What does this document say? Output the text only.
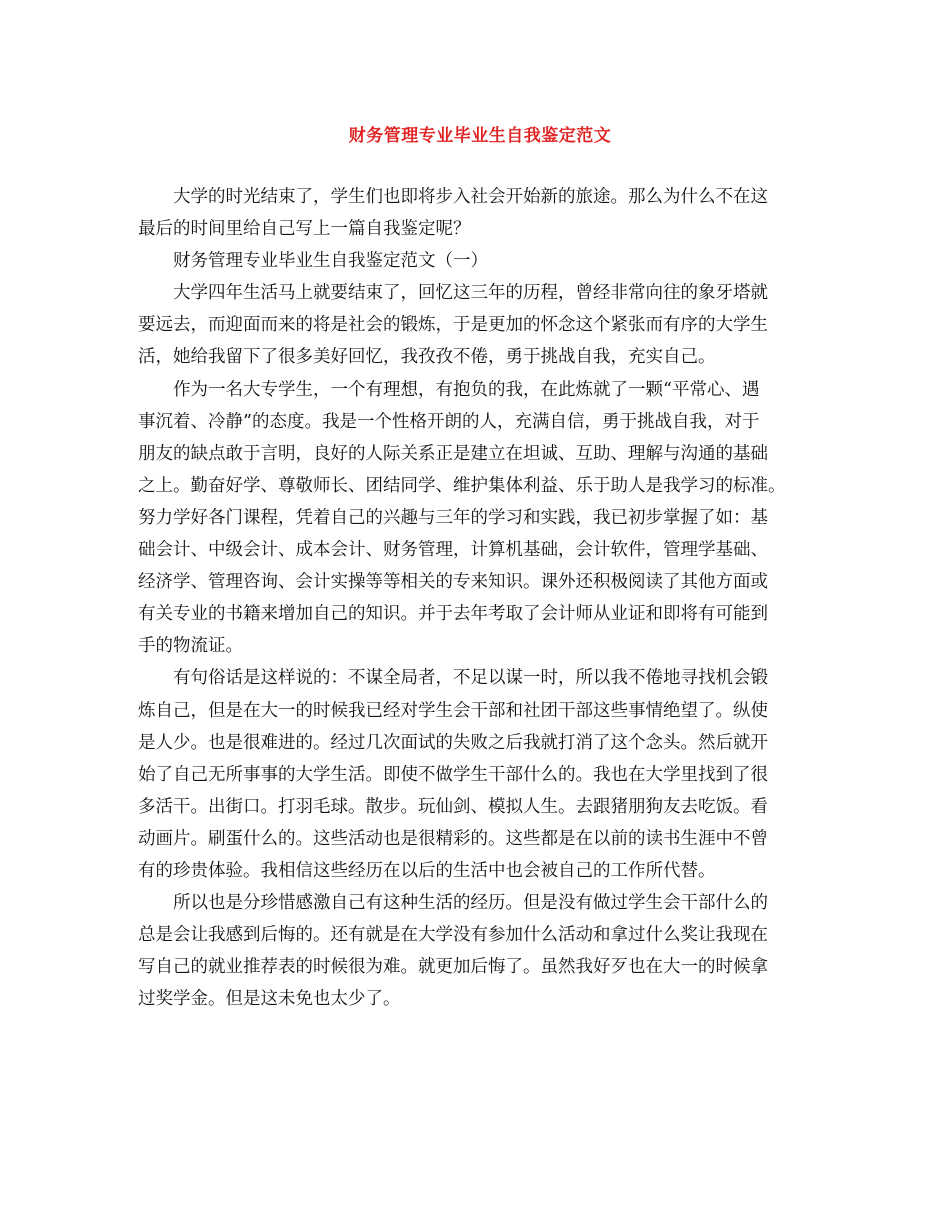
财务管理专业毕业生自我鉴定范文
大学的时光结束了，学生们也即将步入社会开始新的旅途。那么为什么不在这
最后的时间里给自己写上一篇自我鉴定呢？
财务管理专业毕业生自我鉴定范文（一）
大学四年生活马上就要结束了，回忆这三年的历程，曾经非常向往的象牙塔就
要远去，而迎面而来的将是社会的锻炼，于是更加的怀念这个紧张而有序的大学生
活，她给我留下了很多美好回忆，我孜孜不倦，勇于挑战自我，充实自己。
作为一名大专学生，一个有理想，有抱负的我，在此炼就了一颗“平常心、遇
事沉着、冷静”的态度。我是一个性格开朗的人，充满自信，勇于挑战自我，对于
朋友的缺点敢于言明，良好的人际关系正是建立在坦诚、互助、理解与沟通的基础
之上。勤奋好学、尊敬师长、团结同学、维护集体利益、乐于助人是我学习的标准。
努力学好各门课程，凭着自己的兴趣与三年的学习和实践，我已初步掌握了如：基
础会计、中级会计、成本会计、财务管理，计算机基础，会计软件，管理学基础、
经济学、管理咨询、会计实操等等相关的专来知识。课外还积极阅读了其他方面或
有关专业的书籍来增加自己的知识。并于去年考取了会计师从业证和即将有可能到
手的物流证。
有句俗话是这样说的：不谋全局者，不足以谋一时，所以我不倦地寻找机会锻
炼自己，但是在大一的时候我已经对学生会干部和社团干部这些事情绝望了。纵使
是人少。也是很难进的。经过几次面试的失败之后我就打消了这个念头。然后就开
始了自己无所事事的大学生活。即使不做学生干部什么的。我也在大学里找到了很
多活干。出街口。打羽毛球。散步。玩仙剑、模拟人生。去跟猪朋狗友去吃饭。看
动画片。刷蛋什么的。这些活动也是很精彩的。这些都是在以前的读书生涯中不曾
有的珍贵体验。我相信这些经历在以后的生活中也会被自己的工作所代替。
所以也是分珍惜感激自己有这种生活的经历。但是没有做过学生会干部什么的
总是会让我感到后悔的。还有就是在大学没有参加什么活动和拿过什么奖让我现在
写自己的就业推荐表的时候很为难。就更加后悔了。虽然我好歹也在大一的时候拿
过奖学金。但是这未免也太少了。
